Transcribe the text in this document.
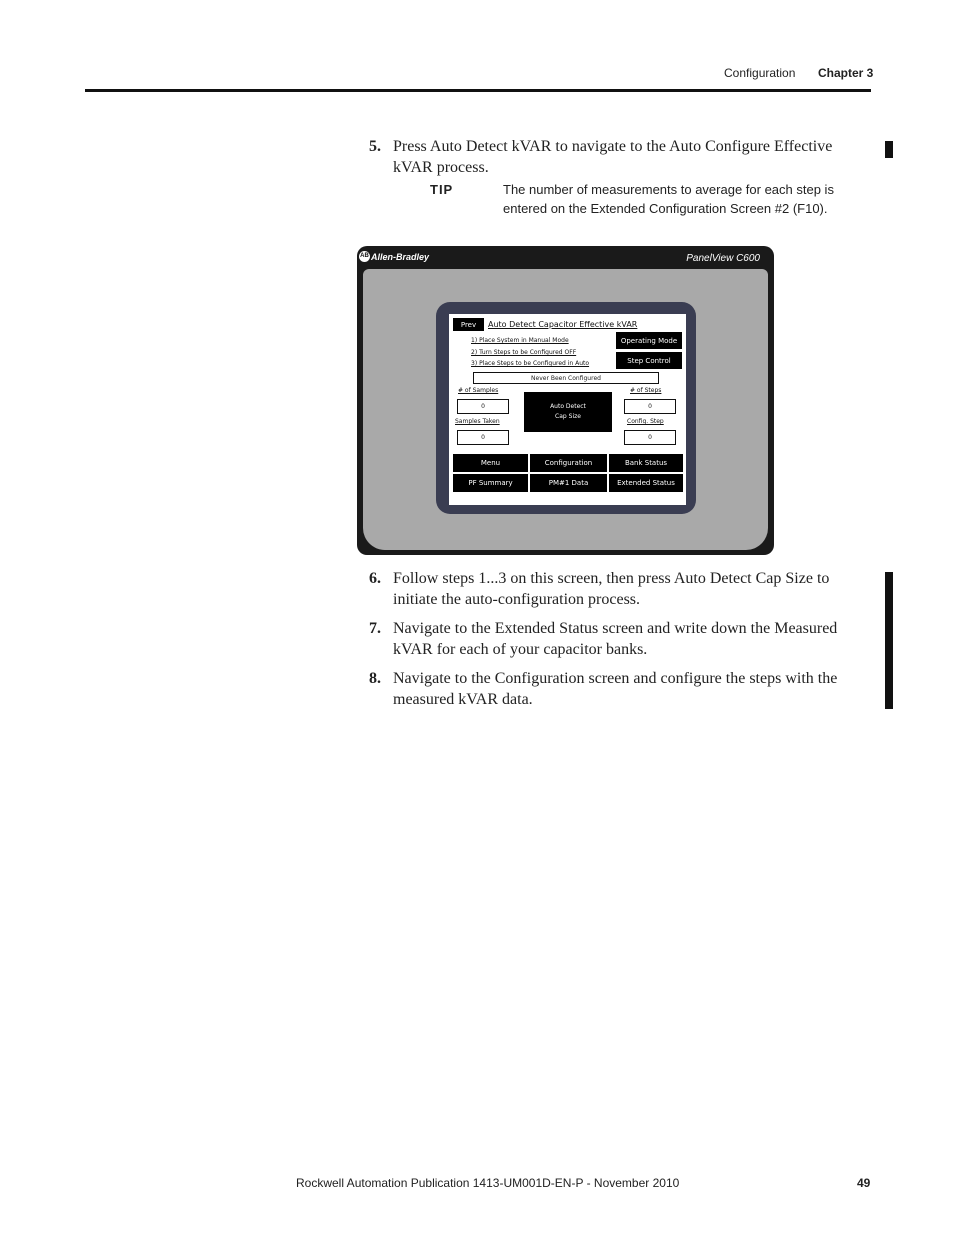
Configuration Chapter 3
5. Press Auto Detect kVAR to navigate to the Auto Configure Effective kVAR process.
TIP	The number of measurements to average for each step is entered on the Extended Configuration Screen #2 (F10).
AB Allen-Bradley	PanelView C600
Prev	Auto Detect Capacitor Effective kVAR
1) Place System in Manual Mode
2) Turn Steps to be Configured OFF
3) Place Steps to be Configured in Auto
Operating Mode
Step Control
Never Been Configured
# of Samples
0
Samples Taken
0
Auto Detect
Cap Size
# of Steps
0
Config. Step
0
Menu	Configuration	Bank Status
PF Summary	PM#1 Data	Extended Status
6. Follow steps 1...3 on this screen, then press Auto Detect Cap Size to initiate the auto-configuration process.
7. Navigate to the Extended Status screen and write down the Measured kVAR for each of your capacitor banks.
8. Navigate to the Configuration screen and configure the steps with the measured kVAR data.
Rockwell Automation Publication 1413-UM001D-EN-P - November 2010	49
